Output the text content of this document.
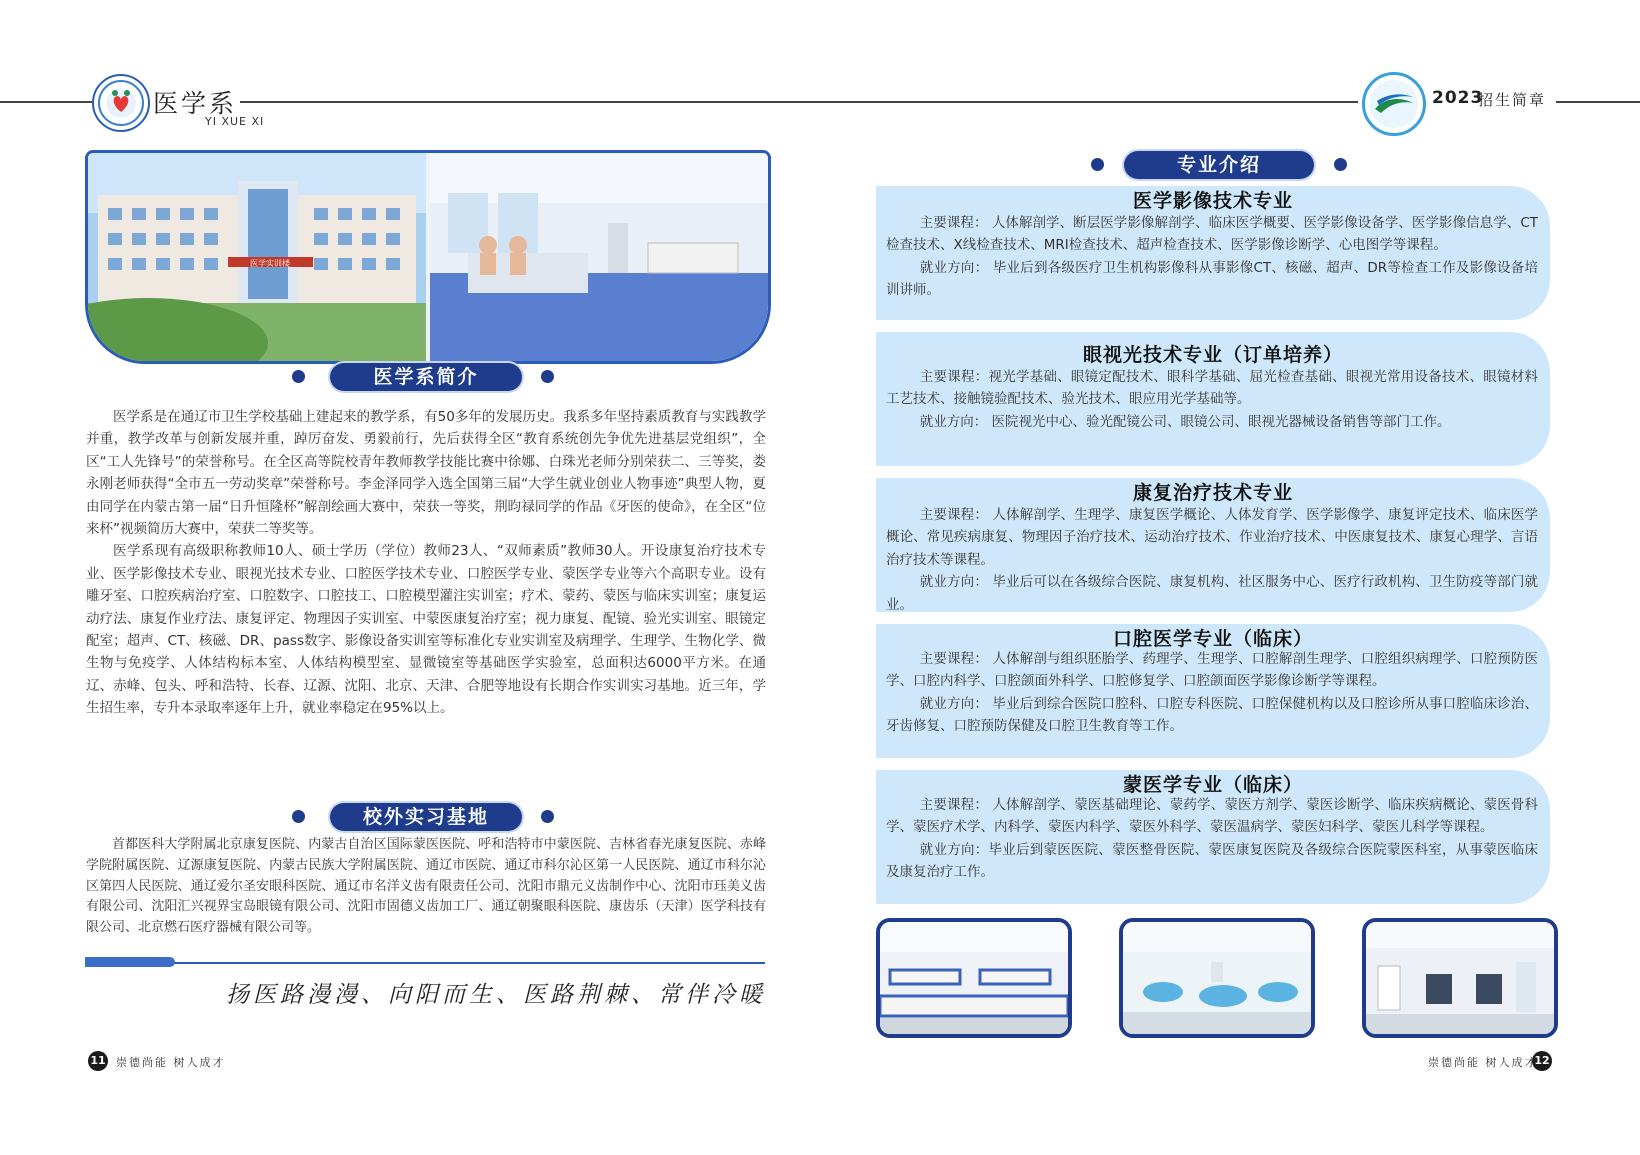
医学系
YI XUE XI
2023
招生简章
医学实训楼
医学系简介

医学系是在通辽市卫生学校基础上建起来的教学系，有50多年的发展历史。我系多年坚持素质教育与实践教学并重，教学改革与创新发展并重，踔厉奋发、勇毅前行，先后获得全区“教育系统创先争优先进基层党组织”，全区“工人先锋号”的荣誉称号。在全区高等院校青年教师教学技能比赛中徐娜、白珠光老师分别荣获二、三等奖，娄永刚老师获得“全市五一劳动奖章”荣誉称号。李金泽同学入选全国第三届“大学生就业创业人物事迹”典型人物，夏由同学在内蒙古第一届“日升恒隆杯”解剖绘画大赛中，荣获一等奖，荆昀禄同学的作品《牙医的使命》，在全区“位来杯”视频简历大赛中，荣获二等奖等。

医学系现有高级职称教师10人、硕士学历（学位）教师23人、“双师素质”教师30人。开设康复治疗技术专业、医学影像技术专业、眼视光技术专业、口腔医学技术专业、口腔医学专业、蒙医学专业等六个高职专业。设有雕牙室、口腔疾病治疗室、口腔数字、口腔技工、口腔模型灌注实训室；疗术、蒙药、蒙医与临床实训室；康复运动疗法、康复作业疗法、康复评定、物理因子实训室、中蒙医康复治疗室；视力康复、配镜、验光实训室、眼镜定配室；超声、CT、核磁、DR、pass数字、影像设备实训室等标准化专业实训室及病理学、生理学、生物化学、微生物与免疫学、人体结构标本室、人体结构模型室、显微镜室等基础医学实验室，总面积达6000平方米。在通辽、赤峰、包头、呼和浩特、长春、辽源、沈阳、北京、天津、合肥等地设有长期合作实训实习基地。近三年，学生招生率，专升本录取率逐年上升，就业率稳定在95%以上。

校外实习基地

首都医科大学附属北京康复医院、内蒙古自治区国际蒙医医院、呼和浩特市中蒙医院、吉林省春光康复医院、赤峰学院附属医院、辽源康复医院、内蒙古民族大学附属医院、通辽市医院、通辽市科尔沁区第一人民医院、通辽市科尔沁区第四人民医院、通辽爱尔圣安眼科医院、通辽市名洋义齿有限责任公司、沈阳市鼎元义齿制作中心、沈阳市珏美义齿有限公司、沈阳汇兴视界宝岛眼镜有限公司、沈阳市固德义齿加工厂、通辽朝聚眼科医院、康齿乐（天津）医学科技有限公司、北京燃石医疗器械有限公司等。

扬医路漫漫、向阳而生、医路荆棘、常伴冷暖
11 崇德尚能 树人成才
专业介绍
医学影像技术专业

主要课程： 人体解剖学、断层医学影像解剖学、临床医学概要、医学影像设备学、医学影像信息学、CT检查技术、X线检查技术、MRI检查技术、超声检查技术、医学影像诊断学、心电图学等课程。

就业方向： 毕业后到各级医疗卫生机构影像科从事影像CT、核磁、超声、DR等检查工作及影像设备培训讲师。

眼视光技术专业（订单培养）

主要课程：视光学基础、眼镜定配技术、眼科学基础、屈光检查基础、眼视光常用设备技术、眼镜材料工艺技术、接触镜验配技术、验光技术、眼应用光学基础等。

就业方向： 医院视光中心、验光配镜公司、眼镜公司、眼视光器械设备销售等部门工作。

康复治疗技术专业

主要课程： 人体解剖学、生理学、康复医学概论、人体发育学、医学影像学、康复评定技术、临床医学概论、常见疾病康复、物理因子治疗技术、运动治疗技术、作业治疗技术、中医康复技术、康复心理学、言语治疗技术等课程。

就业方向： 毕业后可以在各级综合医院、康复机构、社区服务中心、医疗行政机构、卫生防疫等部门就业。

口腔医学专业（临床）

主要课程： 人体解剖与组织胚胎学、药理学、生理学、口腔解剖生理学、口腔组织病理学、口腔预防医学、口腔内科学、口腔颌面外科学、口腔修复学、口腔颌面医学影像诊断学等课程。

就业方向： 毕业后到综合医院口腔科、口腔专科医院、口腔保健机构以及口腔诊所从事口腔临床诊治、牙齿修复、口腔预防保健及口腔卫生教育等工作。

蒙医学专业（临床）

主要课程： 人体解剖学、蒙医基础理论、蒙药学、蒙医方剂学、蒙医诊断学、临床疾病概论、蒙医骨科学、蒙医疗术学、内科学、蒙医内科学、蒙医外科学、蒙医温病学、蒙医妇科学、蒙医儿科学等课程。

就业方向：毕业后到蒙医医院、蒙医整骨医院、蒙医康复医院及各级综合医院蒙医科室，从事蒙医临床及康复治疗工作。

12
崇德尚能 树人成才
